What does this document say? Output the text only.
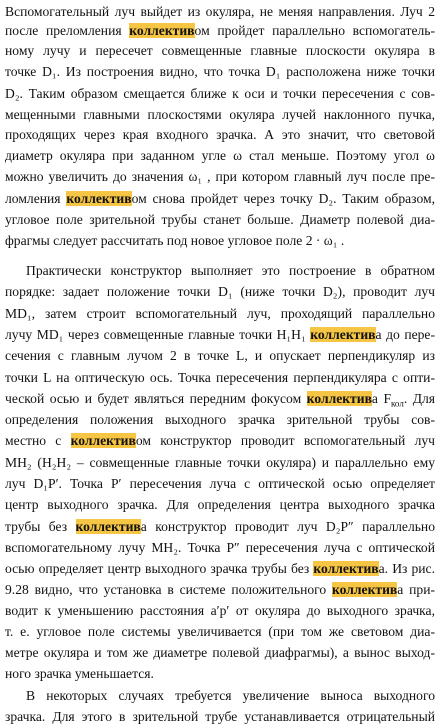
Вспомогательный луч выйдет из окуляра, не меняя направления. Луч 2
после преломления коллективом пройдет параллельно вспомогатель-
ному лучу и пересечет совмещенные главные плоскости окуляра в
точке D₁. Из построения видно, что точка D₁ расположена ниже точки
D₂. Таким образом смещается ближе к оси и точки пересечения с сов-
мещенными главными плоскостями окуляра лучей наклонного пучка,
проходящих через края входного зрачка. А это значит, что световой
диаметр окуляра при заданном угле ω стал меньше. Поэтому угол ω
можно увеличить до значения ω₁ , при котором главный луч после пре-
ломления коллективом снова пройдет через точку D₂. Таким образом,
угловое поле зрительной трубы станет больше. Диаметр полевой диа-
фрагмы следует рассчитать под новое угловое поле 2 · ω₁ .
Практически конструктор выполняет это построение в обратном
порядке: задает положение точки D₁ (ниже точки D₂), проводит луч
MD₁, затем строит вспомогательный луч, проходящий параллельно
лучу MD₁ через совмещенные главные точки H₁H₁ коллектива до пере-
сечения с главным лучом 2 в точке L, и опускает перпендикуляр из
точки L на оптическую ось. Точка пересечения перпендикуляра с опти-
ческой осью и будет являться передним фокусом коллектива $F_{кол}$. Для
определения положения выходного зрачка зрительной трубы сов-
местно с коллективом конструктор проводит вспомогательный луч
MH₂ (H₂H₂ – совмещенные главные точки окуляра) и параллельно ему
луч D₁P′. Точка P′ пересечения луча с оптической осью определяет
центр выходного зрачка. Для определения центра выходного зрачка
трубы без коллектива конструктор проводит луч D₂P″ параллельно
вспомогательному лучу MH₂. Точка P″ пересечения луча с оптической
осью определяет центр выходного зрачка трубы без коллектива. Из рис.
9.28 видно, что установка в системе положительного коллектива при-
водит к уменьшению расстояния a′p′ от окуляра до выходного зрачка,
т. е. угловое поле системы увеличивается (при том же световом диа-
метре окуляра и том же диаметре полевой диафрагмы), а вынос выход-
ного зрачка уменьшается.
В некоторых случаях требуется увеличение выноса выходного
зрачка. Для этого в зрительной трубе устанавливается отрицательный
